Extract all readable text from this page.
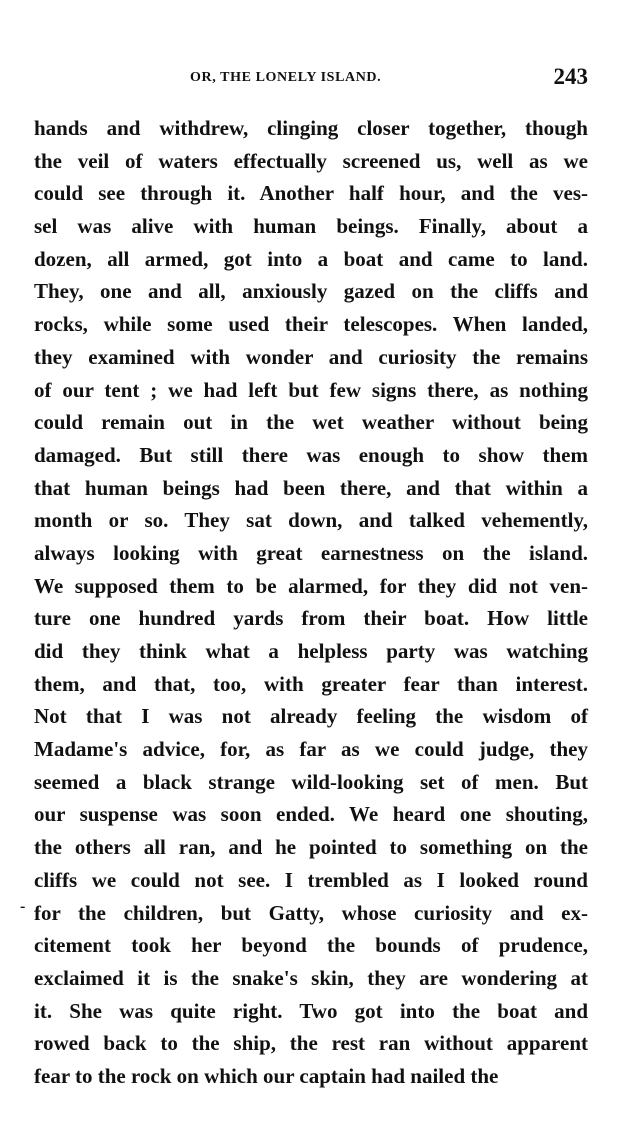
OR, THE LONELY ISLAND.	243
-
hands and withdrew, clinging closer together, though
the veil of waters effectually screened us, well as we
could see through it. Another half hour, and the ves-
sel was alive with human beings. Finally, about a
dozen, all armed, got into a boat and came to land.
They, one and all, anxiously gazed on the cliffs and
rocks, while some used their telescopes. When landed,
they examined with wonder and curiosity the remains
of our tent ; we had left but few signs there, as nothing
could remain out in the wet weather without being
damaged. But still there was enough to show them
that human beings had been there, and that within a
month or so. They sat down, and talked vehemently,
always looking with great earnestness on the island.
We supposed them to be alarmed, for they did not ven-
ture one hundred yards from their boat. How little
did they think what a helpless party was watching
them, and that, too, with greater fear than interest.
Not that I was not already feeling the wisdom of
Madame's advice, for, as far as we could judge, they
seemed a black strange wild-looking set of men. But
our suspense was soon ended. We heard one shouting,
the others all ran, and he pointed to something on the
cliffs we could not see. I trembled as I looked round
for the children, but Gatty, whose curiosity and ex-
citement took her beyond the bounds of prudence,
exclaimed it is the snake's skin, they are wondering at
it. She was quite right. Two got into the boat and
rowed back to the ship, the rest ran without apparent
fear to the rock on which our captain had nailed the
